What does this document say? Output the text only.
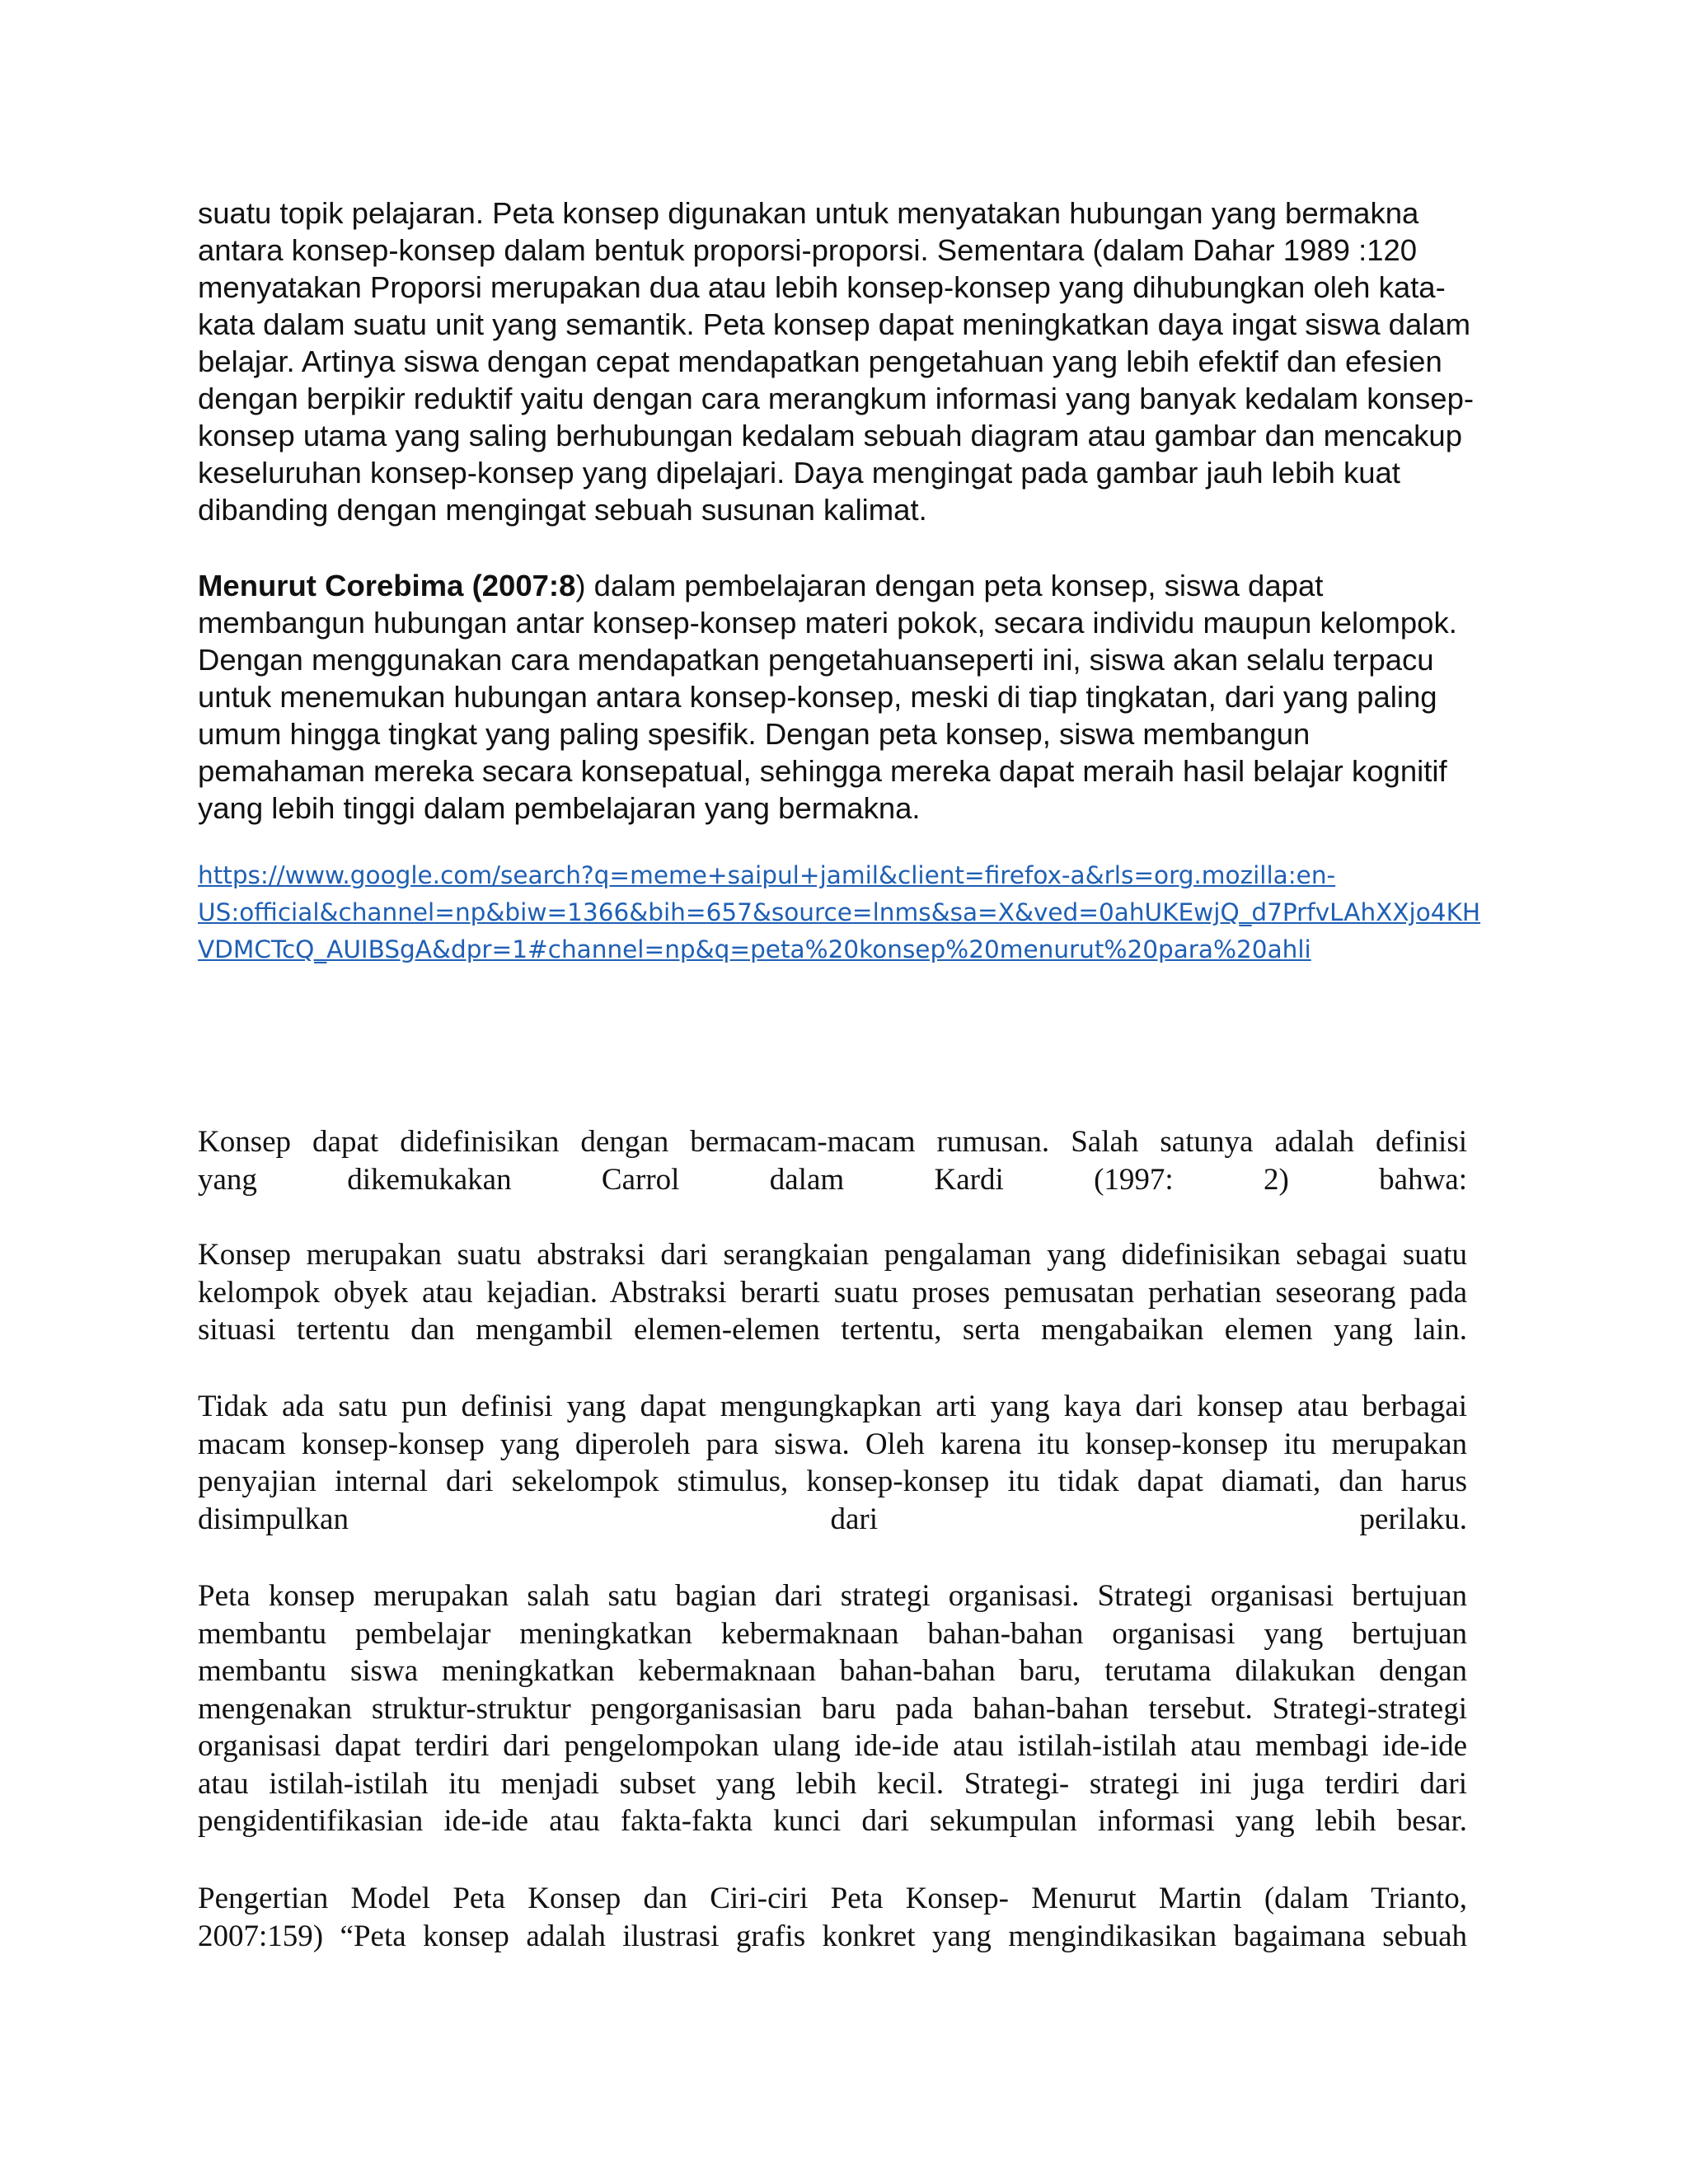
suatu topik pelajaran. Peta konsep digunakan untuk menyatakan hubungan yang bermakna
antara konsep-konsep dalam bentuk proporsi-proporsi. Sementara (dalam Dahar 1989 :120
menyatakan Proporsi merupakan dua atau lebih konsep-konsep yang dihubungkan oleh kata-
kata dalam suatu unit yang semantik. Peta konsep dapat meningkatkan daya ingat siswa dalam
belajar. Artinya siswa dengan cepat mendapatkan pengetahuan yang lebih efektif dan efesien
dengan berpikir reduktif yaitu dengan cara merangkum informasi yang banyak kedalam konsep-
konsep utama yang saling berhubungan kedalam sebuah diagram atau gambar dan mencakup
keseluruhan konsep-konsep yang dipelajari. Daya mengingat pada gambar jauh lebih kuat
dibanding dengan mengingat sebuah susunan kalimat.
Menurut Corebima (2007:8) dalam pembelajaran dengan peta konsep, siswa dapat
membangun hubungan antar konsep-konsep materi pokok, secara individu maupun kelompok.
Dengan menggunakan cara mendapatkan pengetahuanseperti ini, siswa akan selalu terpacu
untuk menemukan hubungan antara konsep-konsep, meski di tiap tingkatan, dari yang paling
umum hingga tingkat yang paling spesifik. Dengan peta konsep, siswa membangun
pemahaman mereka secara konsepatual, sehingga mereka dapat meraih hasil belajar kognitif
yang lebih tinggi dalam pembelajaran yang bermakna.
https://www.google.com/search?q=meme+saipul+jamil&client=firefox-a&rls=org.mozilla:en-
US:official&channel=np&biw=1366&bih=657&source=lnms&sa=X&ved=0ahUKEwjQ_d7PrfvLAhXXjo4KH
VDMCTcQ_AUIBSgA&dpr=1#channel=np&q=peta%20konsep%20menurut%20para%20ahli
Konsep dapat didefinisikan dengan bermacam-macam rumusan. Salah satunya adalah definisi
yang dikemukakan Carrol dalam Kardi (1997: 2) bahwa:
Konsep merupakan suatu abstraksi dari serangkaian pengalaman yang didefinisikan sebagai suatu
kelompok obyek atau kejadian. Abstraksi berarti suatu proses pemusatan perhatian seseorang pada
situasi tertentu dan mengambil elemen-elemen tertentu, serta mengabaikan elemen yang lain.
Tidak ada satu pun definisi yang dapat mengungkapkan arti yang kaya dari konsep atau berbagai
macam konsep-konsep yang diperoleh para siswa. Oleh karena itu konsep-konsep itu merupakan
penyajian internal dari sekelompok stimulus, konsep-konsep itu tidak dapat diamati, dan harus
disimpulkan dari perilaku.
Peta konsep merupakan salah satu bagian dari strategi organisasi. Strategi organisasi bertujuan
membantu pembelajar meningkatkan kebermaknaan bahan-bahan organisasi yang bertujuan
membantu siswa meningkatkan kebermaknaan bahan-bahan baru, terutama dilakukan dengan
mengenakan struktur-struktur pengorganisasian baru pada bahan-bahan tersebut. Strategi-strategi
organisasi dapat terdiri dari pengelompokan ulang ide-ide atau istilah-istilah atau membagi ide-ide
atau istilah-istilah itu menjadi subset yang lebih kecil. Strategi- strategi ini juga terdiri dari
pengidentifikasian ide-ide atau fakta-fakta kunci dari sekumpulan informasi yang lebih besar.
Pengertian Model Peta Konsep dan Ciri-ciri Peta Konsep- Menurut Martin (dalam Trianto,
2007:159) “Peta konsep adalah ilustrasi grafis konkret yang mengindikasikan bagaimana sebuah
